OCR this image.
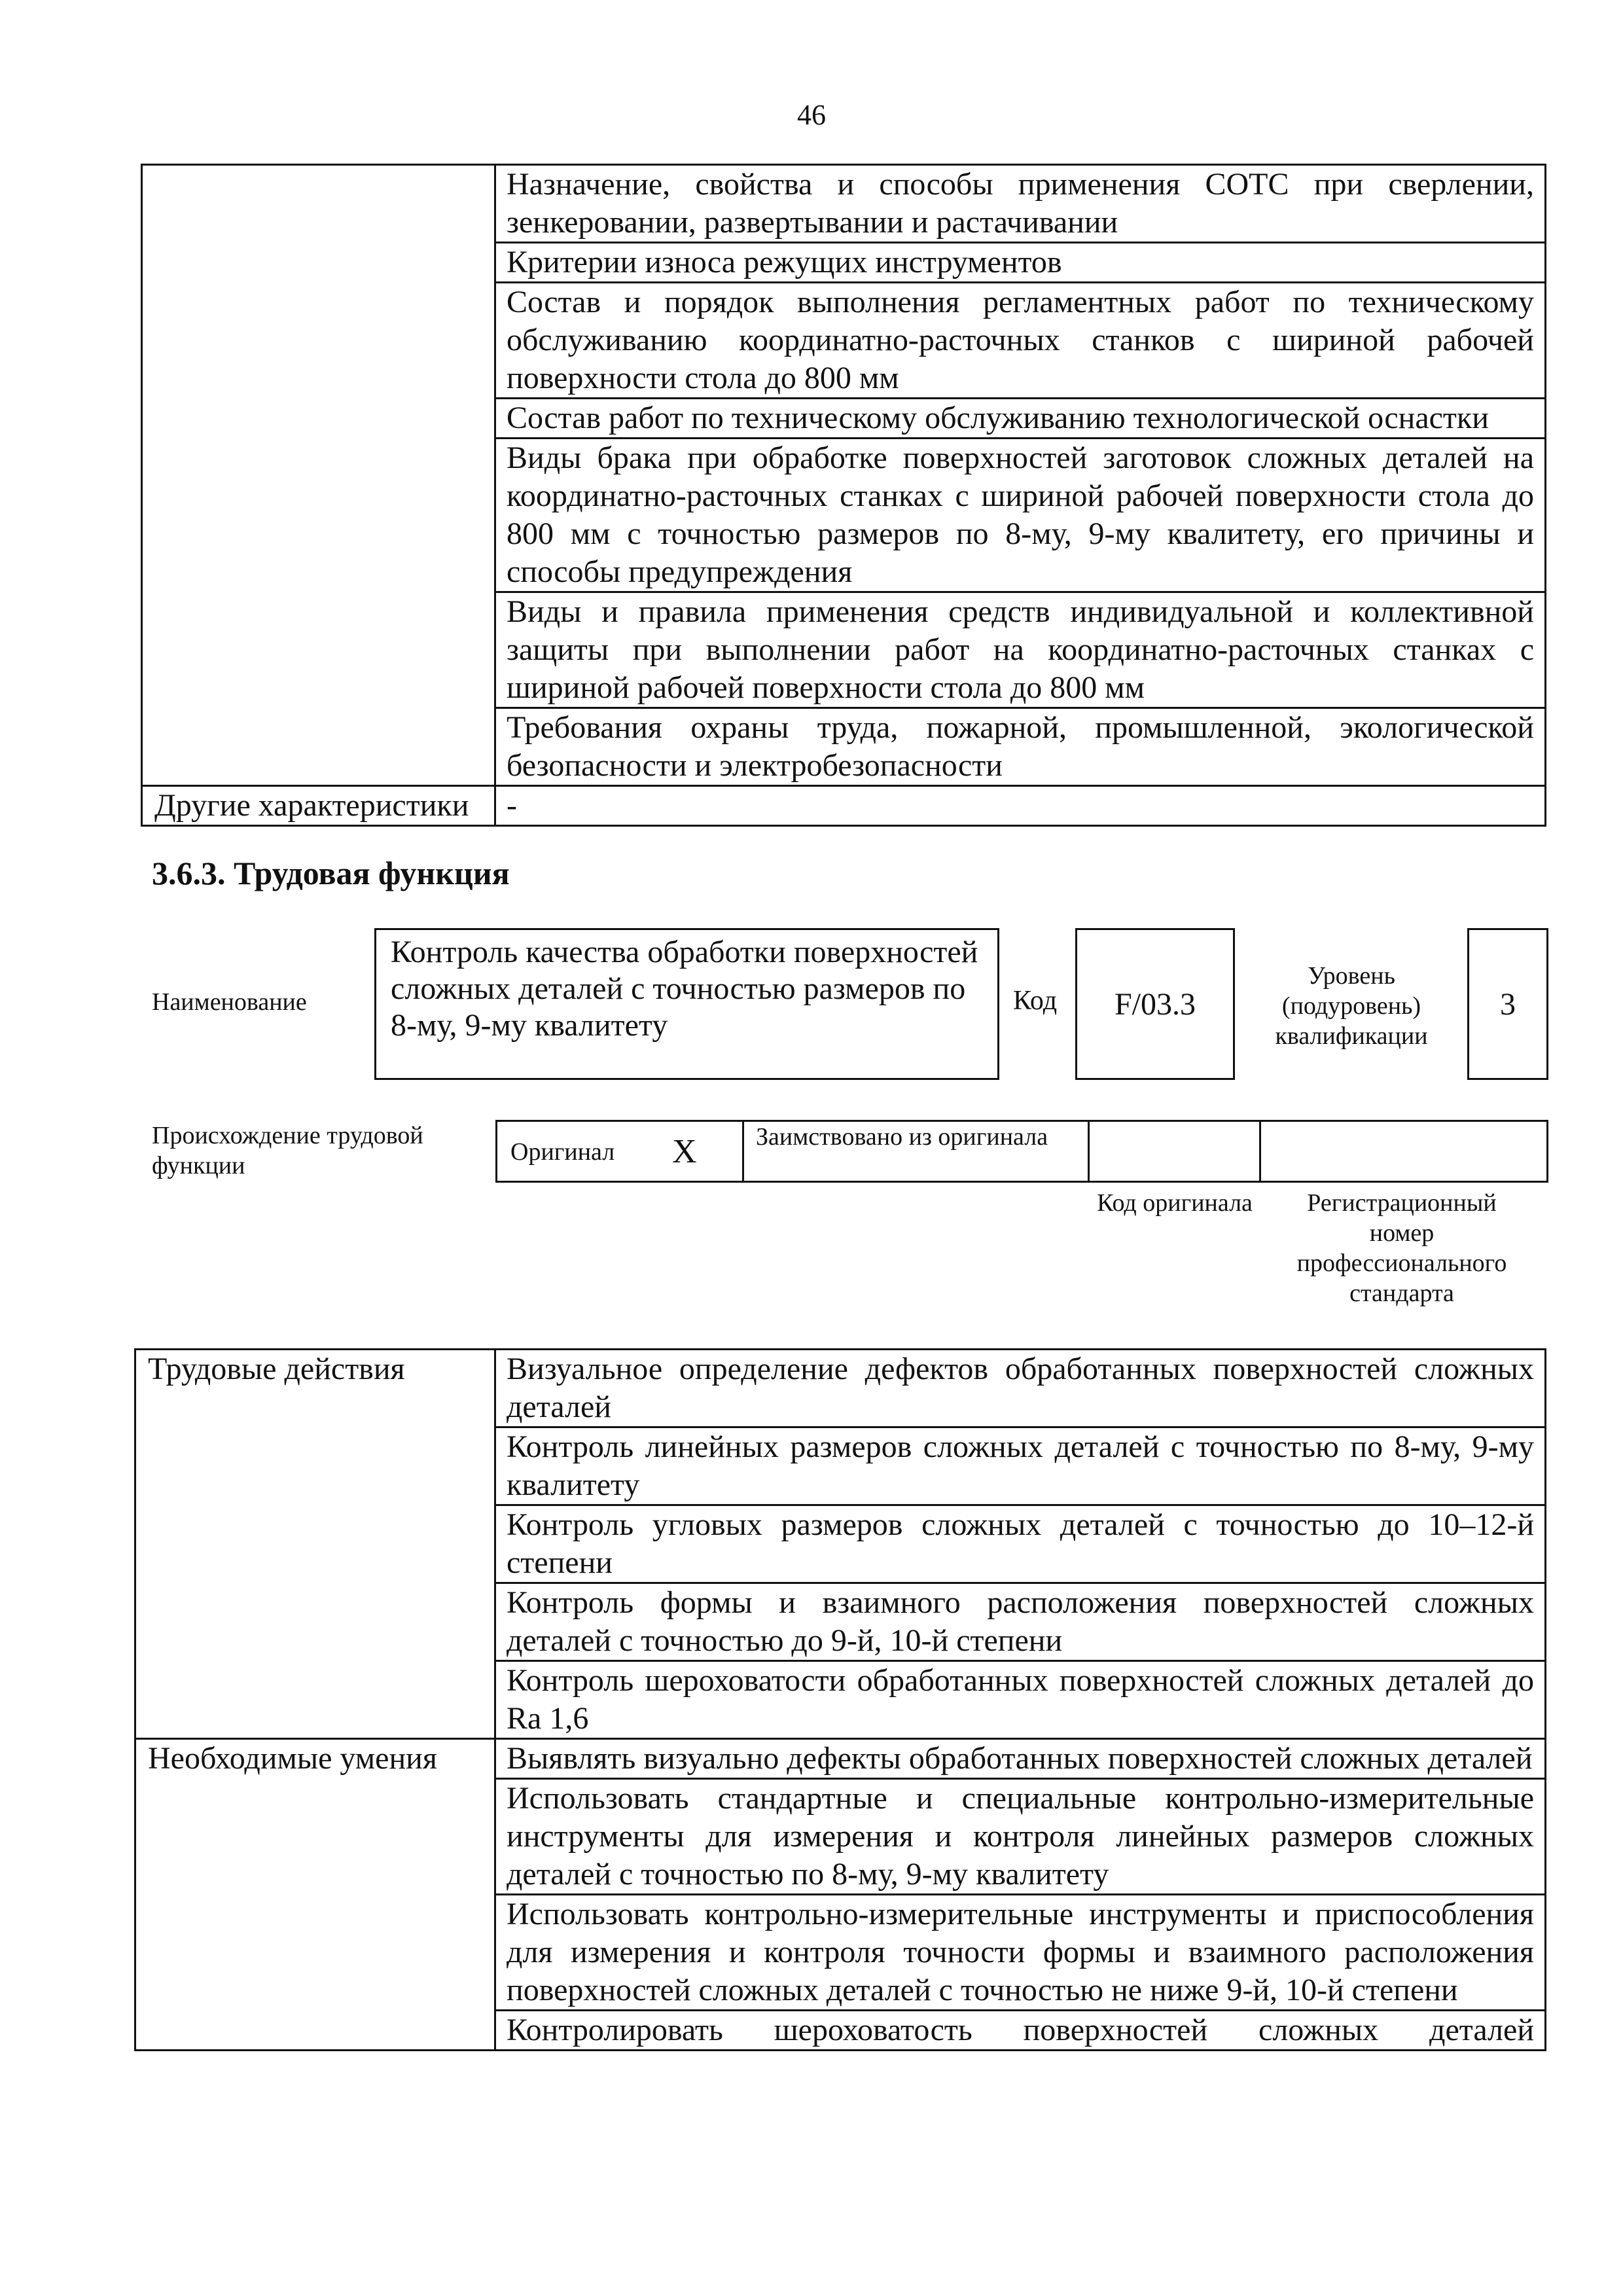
46
	Назначение, свойства и способы применения СОТС при сверлении, зенкеровании, развертывании и растачивании
	Критерии износа режущих инструментов
	Состав и порядок выполнения регламентных работ по техническому обслуживанию координатно-расточных станков с шириной рабочей поверхности стола до 800 мм
	Состав работ по техническому обслуживанию технологической оснастки
	Виды брака при обработке поверхностей заготовок сложных деталей на координатно-расточных станках с шириной рабочей поверхности стола до 800 мм с точностью размеров по 8-му, 9-му квалитету, его причины и способы предупреждения
	Виды и правила применения средств индивидуальной и коллективной защиты при выполнении работ на координатно-расточных станках с шириной рабочей поверхности стола до 800 мм
	Требования охраны труда, пожарной, промышленной, экологической безопасности и электробезопасности
Другие характеристики	-
3.6.3. Трудовая функция
Наименование
Контроль качества обработки поверхностей сложных деталей с точностью размеров по 8-му, 9-му квалитету
Код	F/03.3
Уровень (подуровень) квалификации
3
Происхождение трудовой функции	Оригинал X Заимствовано из оригинала
Код оригинала	Регистрационный номер профессионального стандарта
Трудовые действия	Визуальное определение дефектов обработанных поверхностей сложных деталей
	Контроль линейных размеров сложных деталей с точностью по 8-му, 9-му квалитету
	Контроль угловых размеров сложных деталей с точностью до 10–12-й степени
	Контроль формы и взаимного расположения поверхностей сложных деталей с точностью до 9-й, 10-й степени
	Контроль шероховатости обработанных поверхностей сложных деталей до Ra 1,6
Необходимые умения	Выявлять визуально дефекты обработанных поверхностей сложных деталей
	Использовать стандартные и специальные контрольно-измерительные инструменты для измерения и контроля линейных размеров сложных деталей с точностью по 8-му, 9-му квалитету
	Использовать контрольно-измерительные инструменты и приспособления для измерения и контроля точности формы и взаимного расположения поверхностей сложных деталей с точностью не ниже 9-й, 10-й степени
	Контролировать шероховатость поверхностей сложных деталей
